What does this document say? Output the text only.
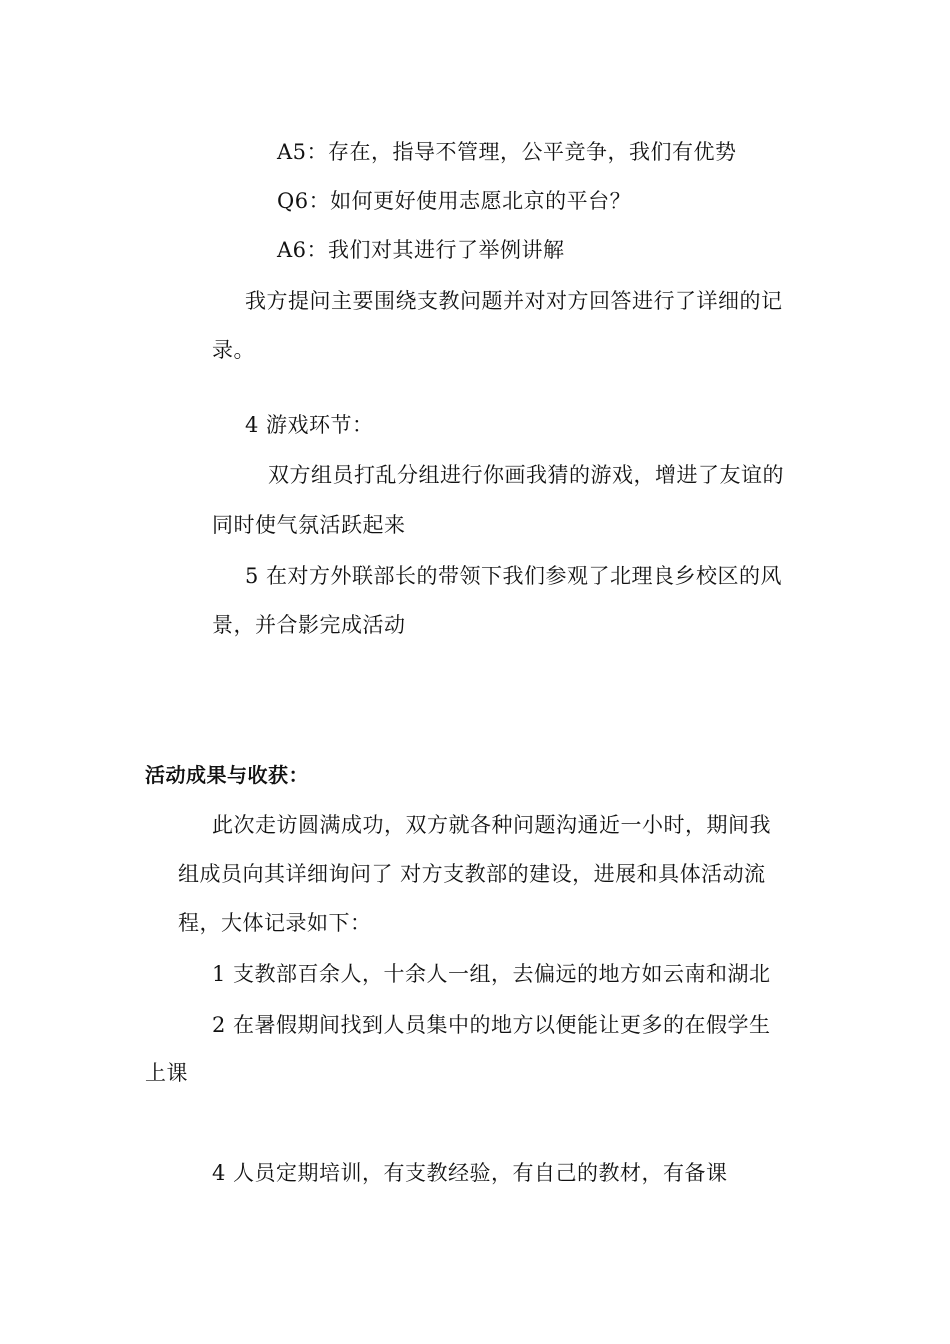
A5：存在，指导不管理，公平竞争，我们有优势
Q6：如何更好使用志愿北京的平台？
A6：我们对其进行了举例讲解
我方提问主要围绕支教问题并对对方回答进行了详细的记
录。
4 游戏环节：
双方组员打乱分组进行你画我猜的游戏，增进了友谊的
同时使气氛活跃起来
5 在对方外联部长的带领下我们参观了北理良乡校区的风
景，并合影完成活动
活动成果与收获：
此次走访圆满成功，双方就各种问题沟通近一小时，期间我
组成员向其详细询问了 对方支教部的建设，进展和具体活动流
程，大体记录如下：
1 支教部百余人，十余人一组，去偏远的地方如云南和湖北
2 在暑假期间找到人员集中的地方以便能让更多的在假学生
上课
4 人员定期培训，有支教经验，有自己的教材，有备课
